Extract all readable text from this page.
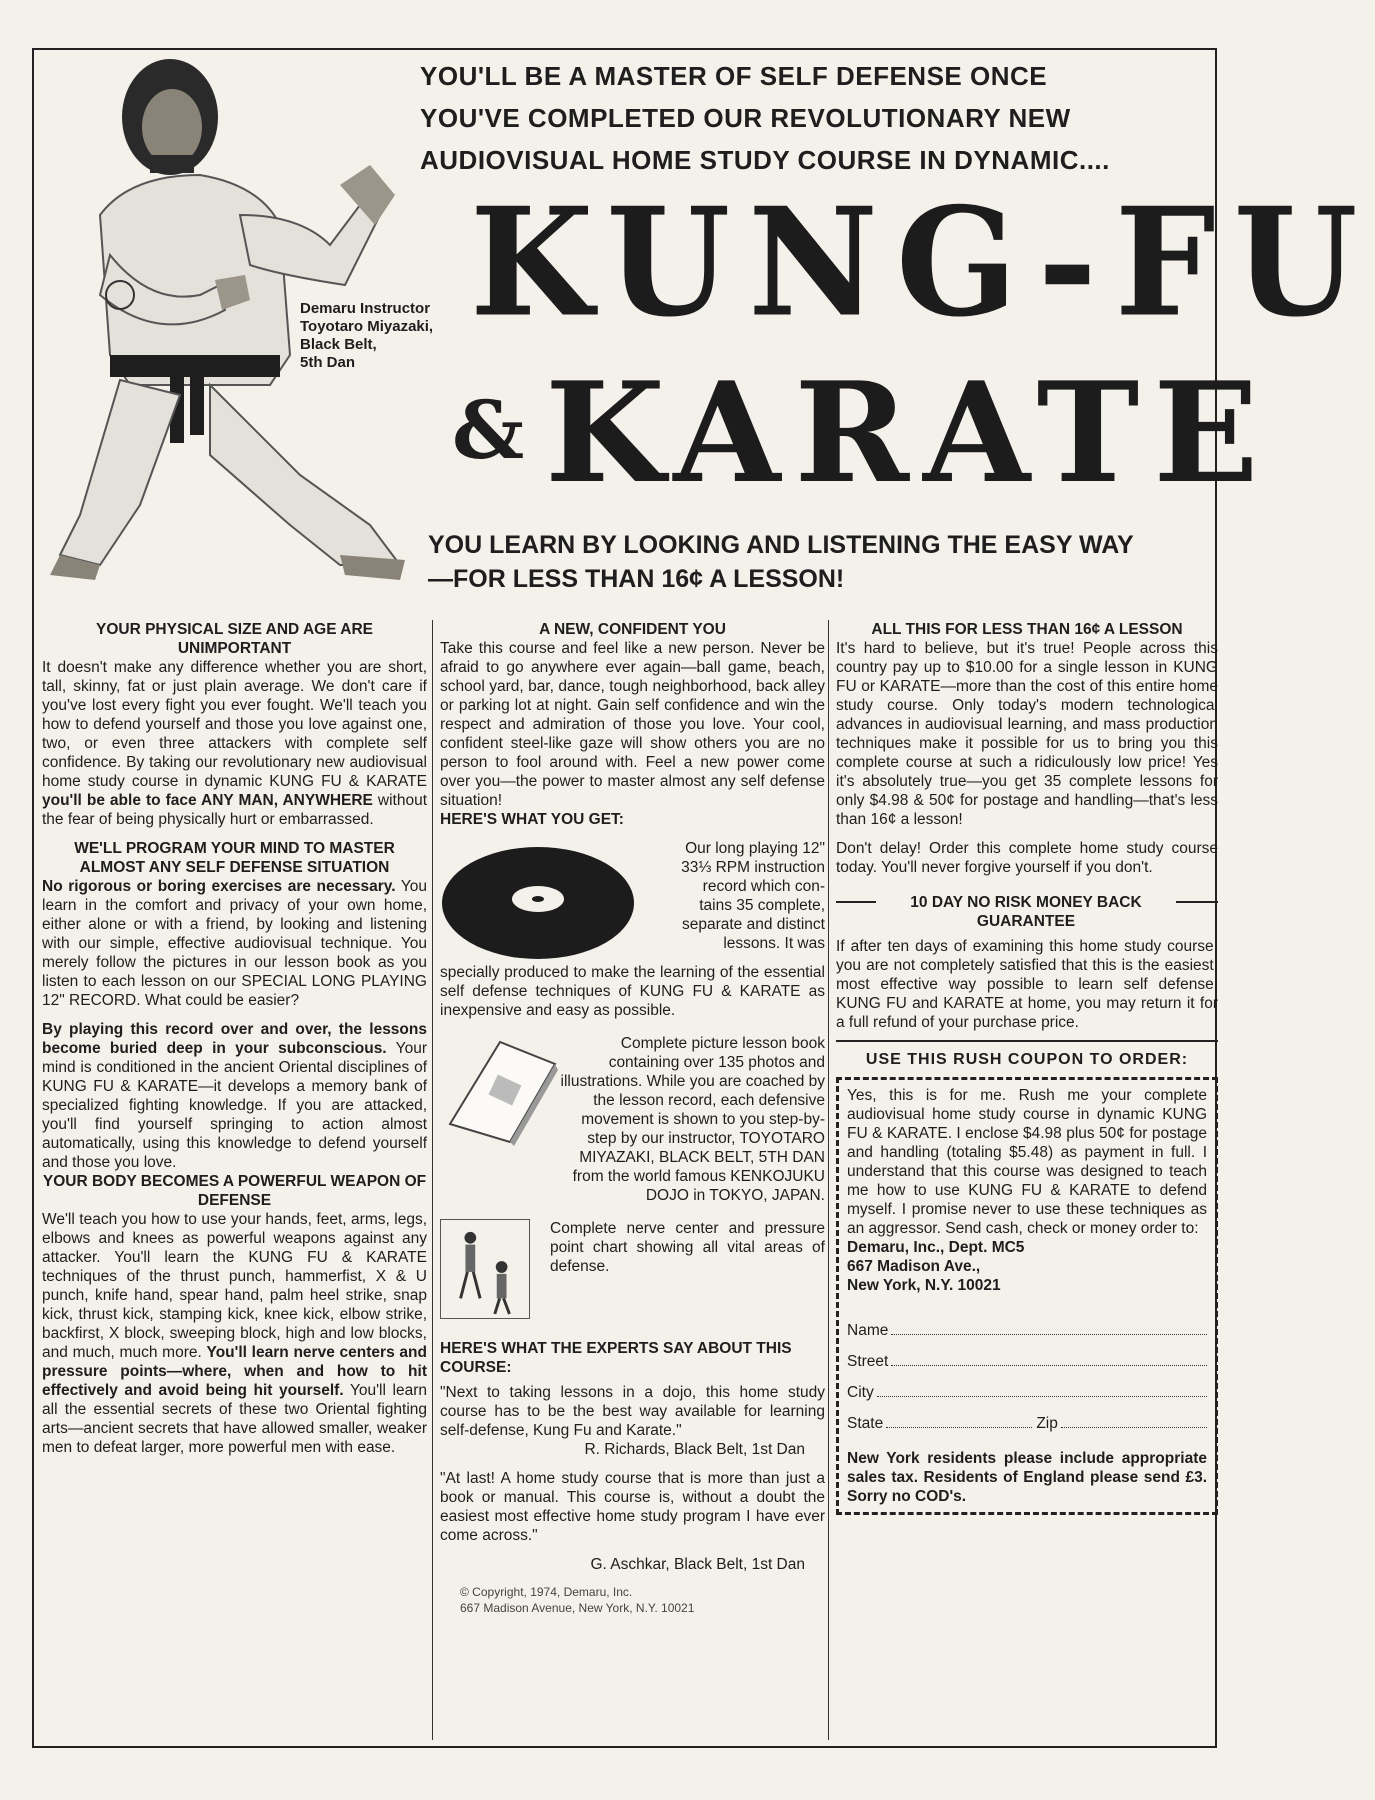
Demaru Instructor
Toyotaro Miyazaki,
Black Belt,
5th Dan
YOU'LL BE A MASTER OF SELF DEFENSE ONCE
YOU'VE COMPLETED OUR REVOLUTIONARY NEW
AUDIOVISUAL HOME STUDY COURSE IN DYNAMIC....
KUNG-FU
& KARATE
YOU LEARN BY LOOKING AND LISTENING THE EASY WAY
—FOR LESS THAN 16¢ A LESSON!
YOUR PHYSICAL SIZE AND AGE ARE UNIMPORTANT
It doesn't make any difference whether you are short, tall, skinny, fat or just plain average. We don't care if you've lost every fight you ever fought. We'll teach you how to defend yourself and those you love against one, two, or even three attackers with complete self confidence. By taking our revolutionary new audiovisual home study course in dynamic KUNG FU & KARATE you'll be able to face ANY MAN, ANYWHERE without the fear of being physically hurt or embarrassed.
WE'LL PROGRAM YOUR MIND TO MASTER ALMOST ANY SELF DEFENSE SITUATION
No rigorous or boring exercises are necessary. You learn in the comfort and privacy of your own home, either alone or with a friend, by looking and listening with our simple, effective audiovisual technique. You merely follow the pictures in our lesson book as you listen to each lesson on our SPECIAL LONG PLAYING 12" RECORD. What could be easier?
By playing this record over and over, the lessons become buried deep in your subconscious. Your mind is conditioned in the ancient Oriental disciplines of KUNG FU & KARATE—it develops a memory bank of specialized fighting knowledge. If you are attacked, you'll find yourself springing to action almost automatically, using this knowledge to defend yourself and those you love.
YOUR BODY BECOMES A POWERFUL WEAPON OF DEFENSE
We'll teach you how to use your hands, feet, arms, legs, elbows and knees as powerful weapons against any attacker. You'll learn the KUNG FU & KARATE techniques of the thrust punch, hammerfist, X & U punch, knife hand, spear hand, palm heel strike, snap kick, thrust kick, stamping kick, knee kick, elbow strike, backfirst, X block, sweeping block, high and low blocks, and much, much more. You'll learn nerve centers and pressure points—where, when and how to hit effectively and avoid being hit yourself. You'll learn all the essential secrets of these two Oriental fighting arts—ancient secrets that have allowed smaller, weaker men to defeat larger, more powerful men with ease.
A NEW, CONFIDENT YOU
Take this course and feel like a new person. Never be afraid to go anywhere ever again—ball game, beach, school yard, bar, dance, tough neighborhood, back alley or parking lot at night. Gain self confidence and win the respect and admiration of those you love. Your cool, confident steel-like gaze will show others you are no person to fool around with. Feel a new power come over you—the power to master almost any self defense situation!
HERE'S WHAT YOU GET:
Our long playing 12"
33⅓ RPM instruction
record which con-
tains 35 complete,
separate and distinct
lessons. It was
specially produced to make the learning of the essential self defense techniques of KUNG FU & KARATE as inexpensive and easy as possible.
Complete picture lesson book containing over 135 photos and illustrations. While you are coached by the lesson record, each defensive movement is shown to you step-by-step by our instructor, TOYOTARO MIYAZAKI, BLACK BELT, 5TH DAN from the world famous KENKOJUKU DOJO in TOKYO, JAPAN.
Complete nerve center and pressure point chart showing all vital areas of defense.
HERE'S WHAT THE EXPERTS SAY ABOUT THIS COURSE:
"Next to taking lessons in a dojo, this home study course has to be the best way available for learning self-defense, Kung Fu and Karate."
R. Richards, Black Belt, 1st Dan
"At last! A home study course that is more than just a book or manual. This course is, without a doubt the easiest most effective home study program I have ever come across."
G. Aschkar, Black Belt, 1st Dan
© Copyright, 1974, Demaru, Inc.
667 Madison Avenue, New York, N.Y. 10021
ALL THIS FOR LESS THAN 16¢ A LESSON
It's hard to believe, but it's true! People across this country pay up to $10.00 for a single lesson in KUNG FU or KARATE—more than the cost of this entire home study course. Only today's modern technological advances in audiovisual learning, and mass production techniques make it possible for us to bring you this complete course at such a ridiculously low price! Yes it's absolutely true—you get 35 complete lessons for only $4.98 & 50¢ for postage and handling—that's less than 16¢ a lesson!
Don't delay! Order this complete home study course today. You'll never forgive yourself if you don't.
10 DAY NO RISK MONEY BACK GUARANTEE
If after ten days of examining this home study course, you are not completely satisfied that this is the easiest, most effective way possible to learn self defense, KUNG FU and KARATE at home, you may return it for a full refund of your purchase price.
USE THIS RUSH COUPON TO ORDER:
Yes, this is for me. Rush me your complete audiovisual home study course in dynamic KUNG FU & KARATE. I enclose $4.98 plus 50¢ for postage and handling (totaling $5.48) as payment in full. I understand that this course was designed to teach me how to use KUNG FU & KARATE to defend myself. I promise never to use these techniques as an aggressor. Send cash, check or money order to:
Demaru, Inc., Dept. MC5
667 Madison Ave.,
New York, N.Y. 10021
Name
Street
City
State	Zip
New York residents please include appropriate sales tax. Residents of England please send £3. Sorry no COD's.
